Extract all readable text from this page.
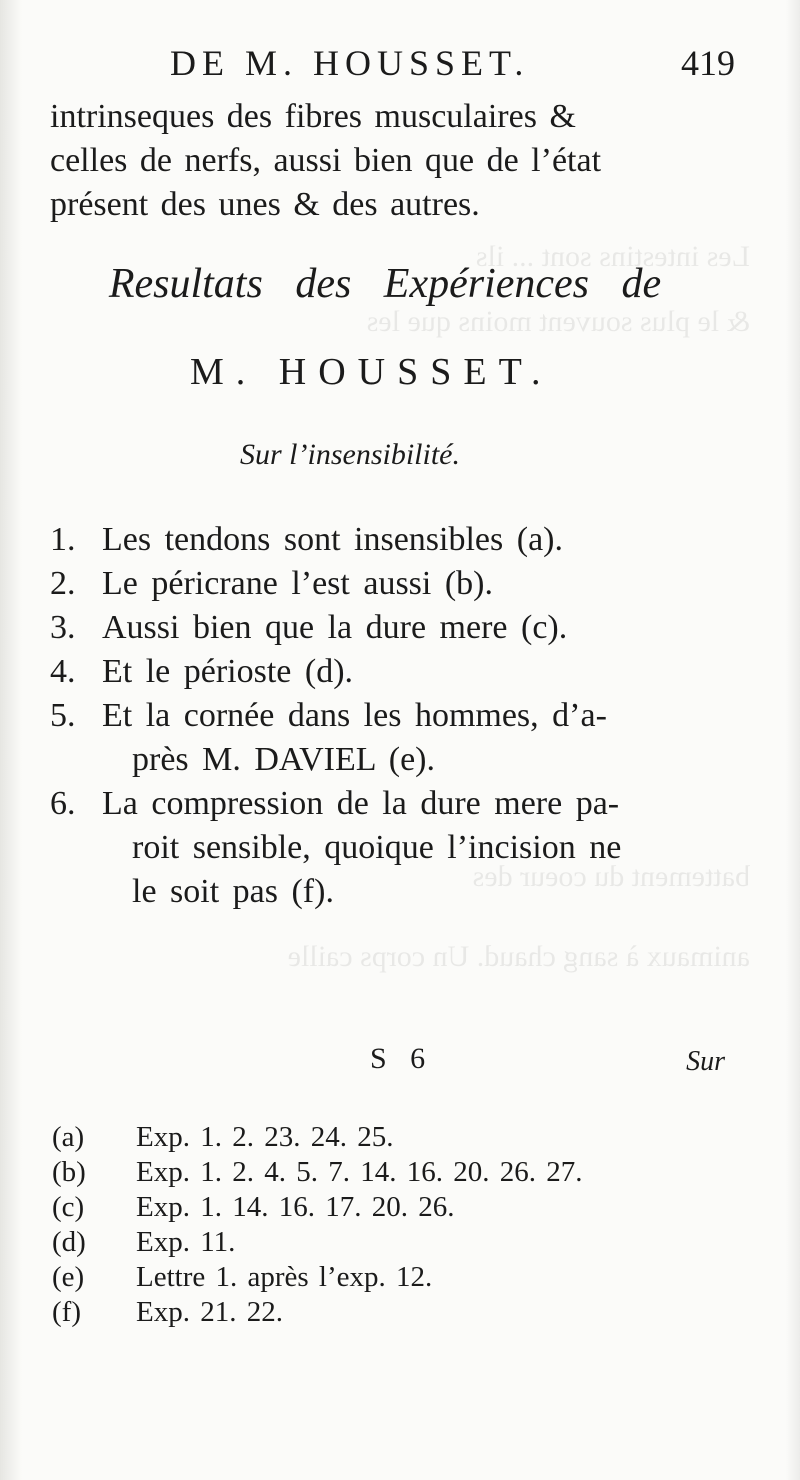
Les intestins sont ... ils
& le plus souvent moins que les
battement du coeur des
animaux à sang chaud. Un corps caille
DE M. HOUSSET.	419
intrinseques des fibres musculaires &
celles de nerfs, aussi bien que de l’état
présent des unes & des autres.
Resultats des Expériences de
M. HOUSSET.
Sur l’insensibilité.
1. Les tendons sont insensibles (a).
2. Le péricrane l’est aussi (b).
3. Aussi bien que la dure mere (c).
4. Et le périoste (d).
5. Et la cornée dans les hommes, d’a-
près M. DAVIEL (e).
6. La compression de la dure mere pa-
roit sensible, quoique l’incision ne
le soit pas (f).
S 6	Sur
(a) Exp. 1. 2. 23. 24. 25.
(b) Exp. 1. 2. 4. 5. 7. 14. 16. 20. 26. 27.
(c) Exp. 1. 14. 16. 17. 20. 26.
(d) Exp. 11.
(e) Lettre 1. après l’exp. 12.
(f) Exp. 21. 22.
